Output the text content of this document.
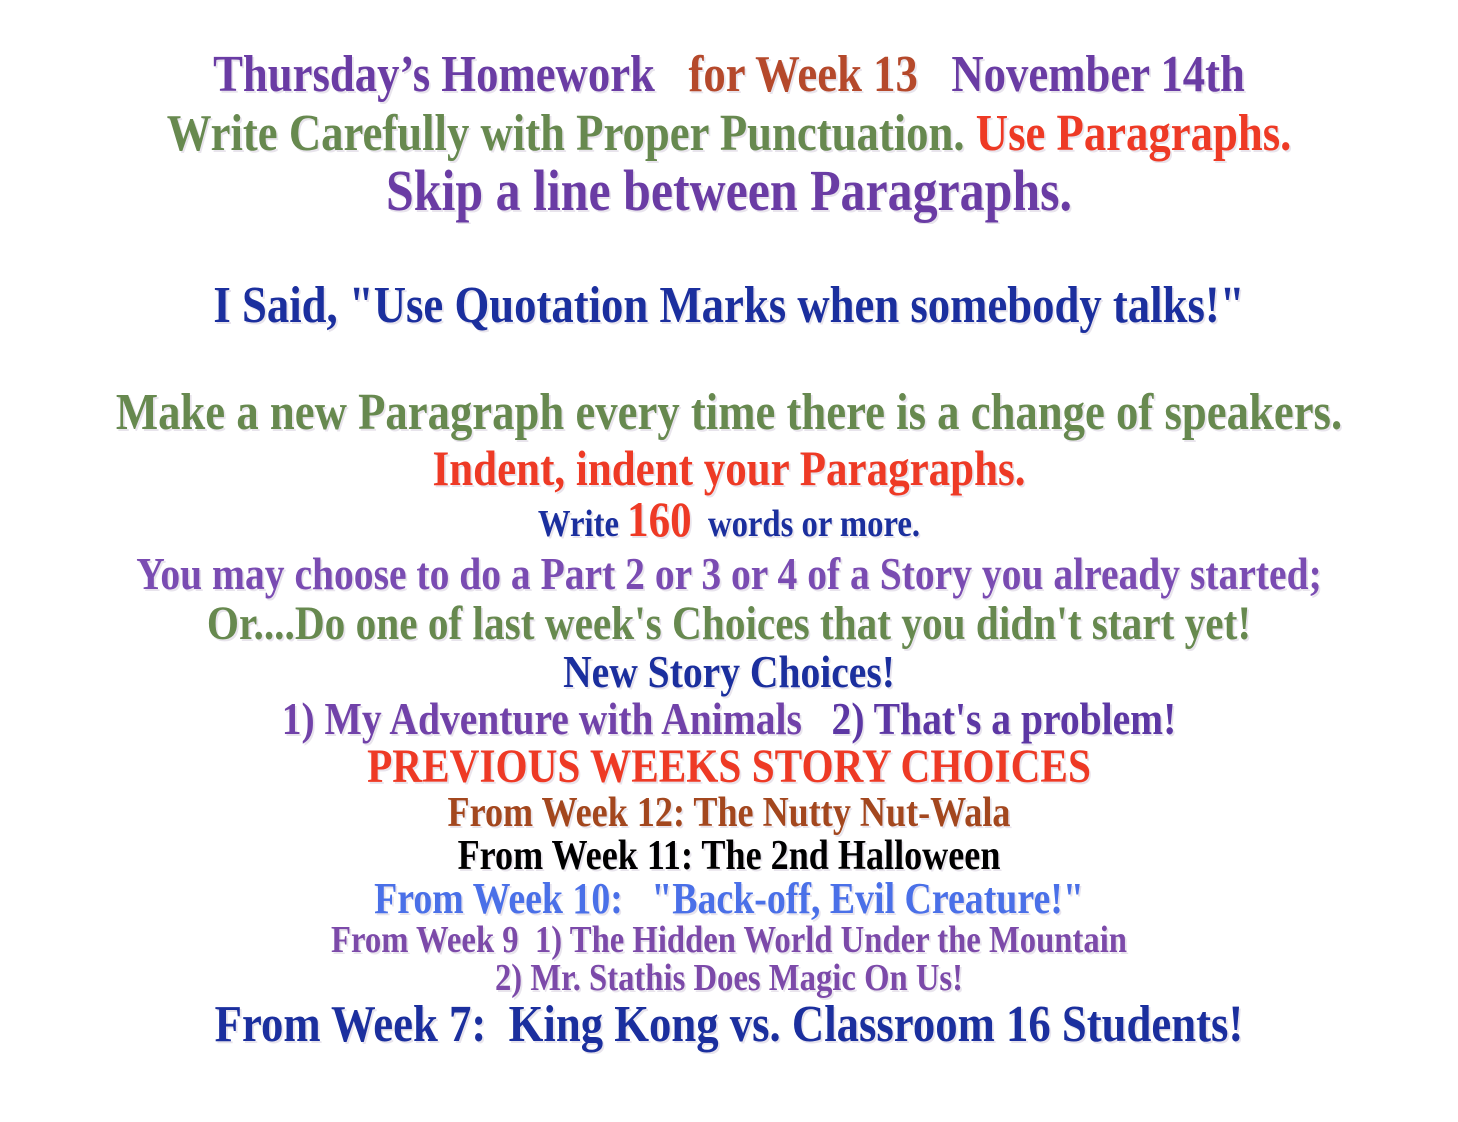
Thursday’s Homework   for Week 13   November 14th
Write Carefully with Proper Punctuation. Use Paragraphs.
Skip a line between Paragraphs.
I Said, "Use Quotation Marks when somebody talks!"
Make a new Paragraph every time there is a change of speakers.
Indent, indent your Paragraphs.
Write 160  words or more.
You may choose to do a Part 2 or 3 or 4 of a Story you already started;
Or....Do one of last week's Choices that you didn't start yet!
New Story Choices!
1) My Adventure with Animals   2) That's a problem!
PREVIOUS WEEKS STORY CHOICES
From Week 12: The Nutty Nut-Wala
From Week 11: The 2nd Halloween
From Week 10:   "Back-off, Evil Creature!"
From Week 9  1) The Hidden World Under the Mountain
2) Mr. Stathis Does Magic On Us!
From Week 7:  King Kong vs. Classroom 16 Students!
